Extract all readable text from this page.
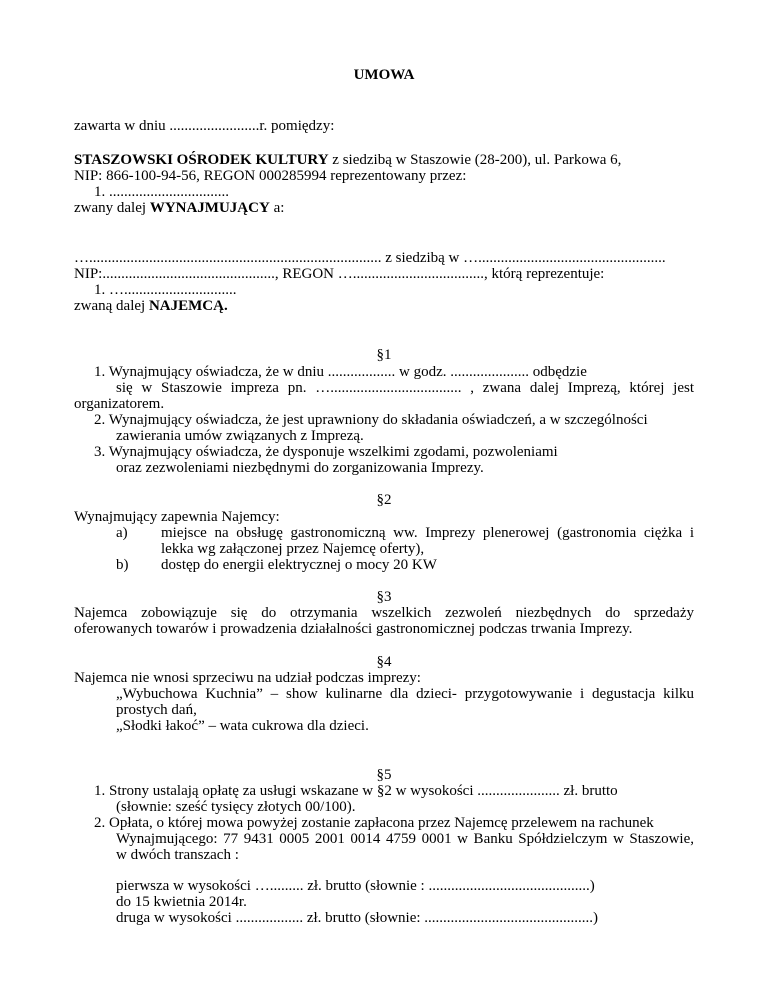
UMOWA
zawarta w dniu ........................r. pomiędzy:
STASZOWSKI OŚRODEK KULTURY z siedzibą w Staszowie (28-200), ul. Parkowa 6,
NIP: 866-100-94-56, REGON 000285994 reprezentowany przez:
1. ................................
zwany dalej WYNAJMUJĄCY a:
….............................................................................. z siedzibą w …..................................................
NIP:.............................................., REGON …..................................., którą reprezentuje:
1. …..............................
zwaną dalej NAJEMCĄ.
§1
1. Wynajmujący oświadcza, że w dniu .................. w godz. ..................... odbędzie
się w Staszowie impreza pn. …................................... , zwana dalej Imprezą, której jest
organizatorem.
2. Wynajmujący oświadcza, że jest uprawniony do składania oświadczeń, a w szczególności
zawierania umów związanych z Imprezą.
3. Wynajmujący oświadcza, że dysponuje wszelkimi zgodami, pozwoleniami
oraz zezwoleniami niezbędnymi do zorganizowania Imprezy.
§2
Wynajmujący zapewnia Najemcy:
a) miejsce na obsługę gastronomiczną ww. Imprezy plenerowej (gastronomia ciężka i
lekka wg załączonej przez Najemcę oferty),
b) dostęp do energii elektrycznej o mocy 20 KW
§3
Najemca zobowiązuje się do otrzymania wszelkich zezwoleń niezbędnych do sprzedaży
oferowanych towarów i prowadzenia działalności gastronomicznej podczas trwania Imprezy.
§4
Najemca nie wnosi sprzeciwu na udział podczas imprezy:
„Wybuchowa Kuchnia” – show kulinarne dla dzieci- przygotowywanie i degustacja kilku
prostych dań,
„Słodki łakoć” – wata cukrowa dla dzieci.
§5
1. Strony ustalają opłatę za usługi wskazane w §2 w wysokości ...................... zł. brutto
(słownie: sześć tysięcy złotych 00/100).
2. Opłata, o której mowa powyżej zostanie zapłacona przez Najemcę przelewem na rachunek
Wynajmującego: 77 9431 0005 2001 0014 4759 0001 w Banku Spółdzielczym w Staszowie,
w dwóch transzach :
pierwsza w wysokości …......... zł. brutto (słownie : ...........................................)
do 15 kwietnia 2014r.
druga w wysokości .................. zł. brutto (słownie: .............................................)
